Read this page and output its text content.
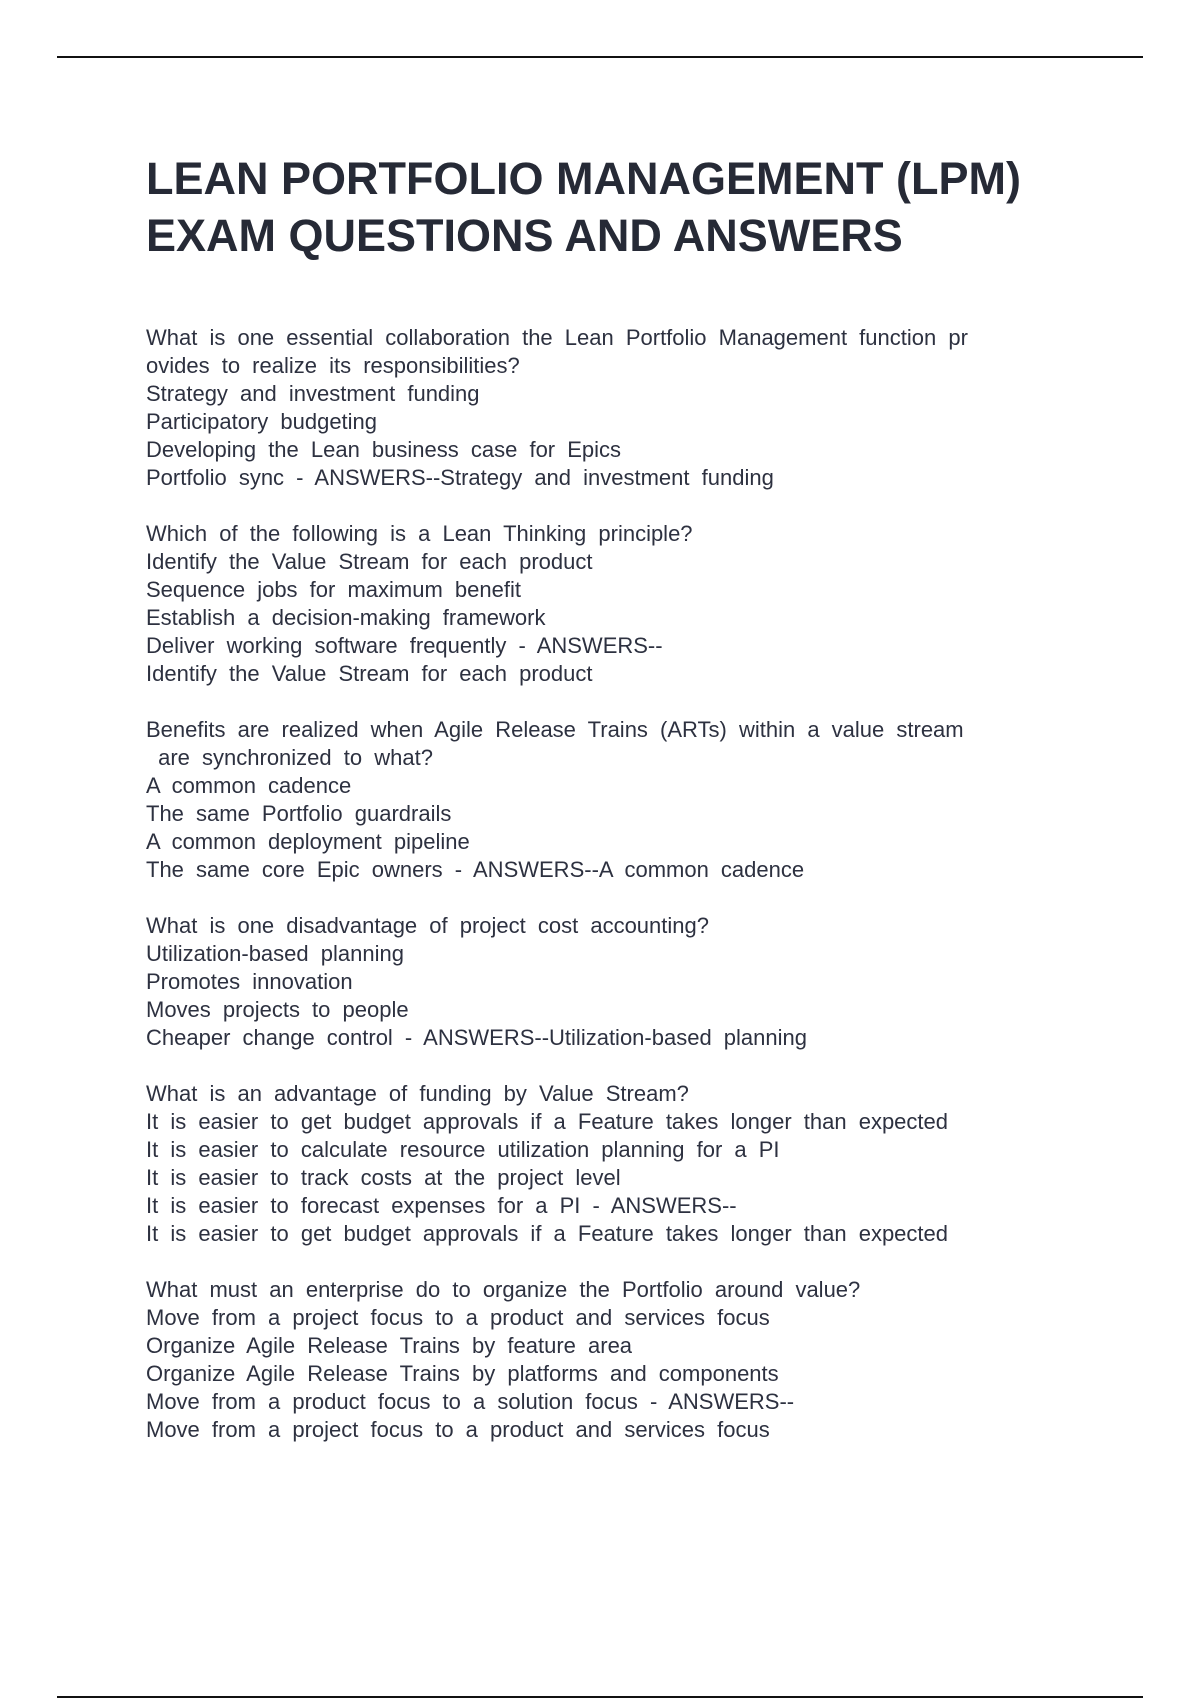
LEAN PORTFOLIO MANAGEMENT (LPM) EXAM QUESTIONS AND ANSWERS
What is one essential collaboration the Lean Portfolio Management function pr
ovides to realize its responsibilities?
Strategy and investment funding
Participatory budgeting
Developing the Lean business case for Epics
Portfolio sync - ANSWERS--Strategy and investment funding
Which of the following is a Lean Thinking principle?
Identify the Value Stream for each product
Sequence jobs for maximum benefit
Establish a decision-making framework
Deliver working software frequently - ANSWERS--
Identify the Value Stream for each product
Benefits are realized when Agile Release Trains (ARTs) within a value stream
are synchronized to what?
A common cadence
The same Portfolio guardrails
A common deployment pipeline
The same core Epic owners - ANSWERS--A common cadence
What is one disadvantage of project cost accounting?
Utilization-based planning
Promotes innovation
Moves projects to people
Cheaper change control - ANSWERS--Utilization-based planning
What is an advantage of funding by Value Stream?
It is easier to get budget approvals if a Feature takes longer than expected
It is easier to calculate resource utilization planning for a PI
It is easier to track costs at the project level
It is easier to forecast expenses for a PI - ANSWERS--
It is easier to get budget approvals if a Feature takes longer than expected
What must an enterprise do to organize the Portfolio around value?
Move from a project focus to a product and services focus
Organize Agile Release Trains by feature area
Organize Agile Release Trains by platforms and components
Move from a product focus to a solution focus - ANSWERS--
Move from a project focus to a product and services focus
